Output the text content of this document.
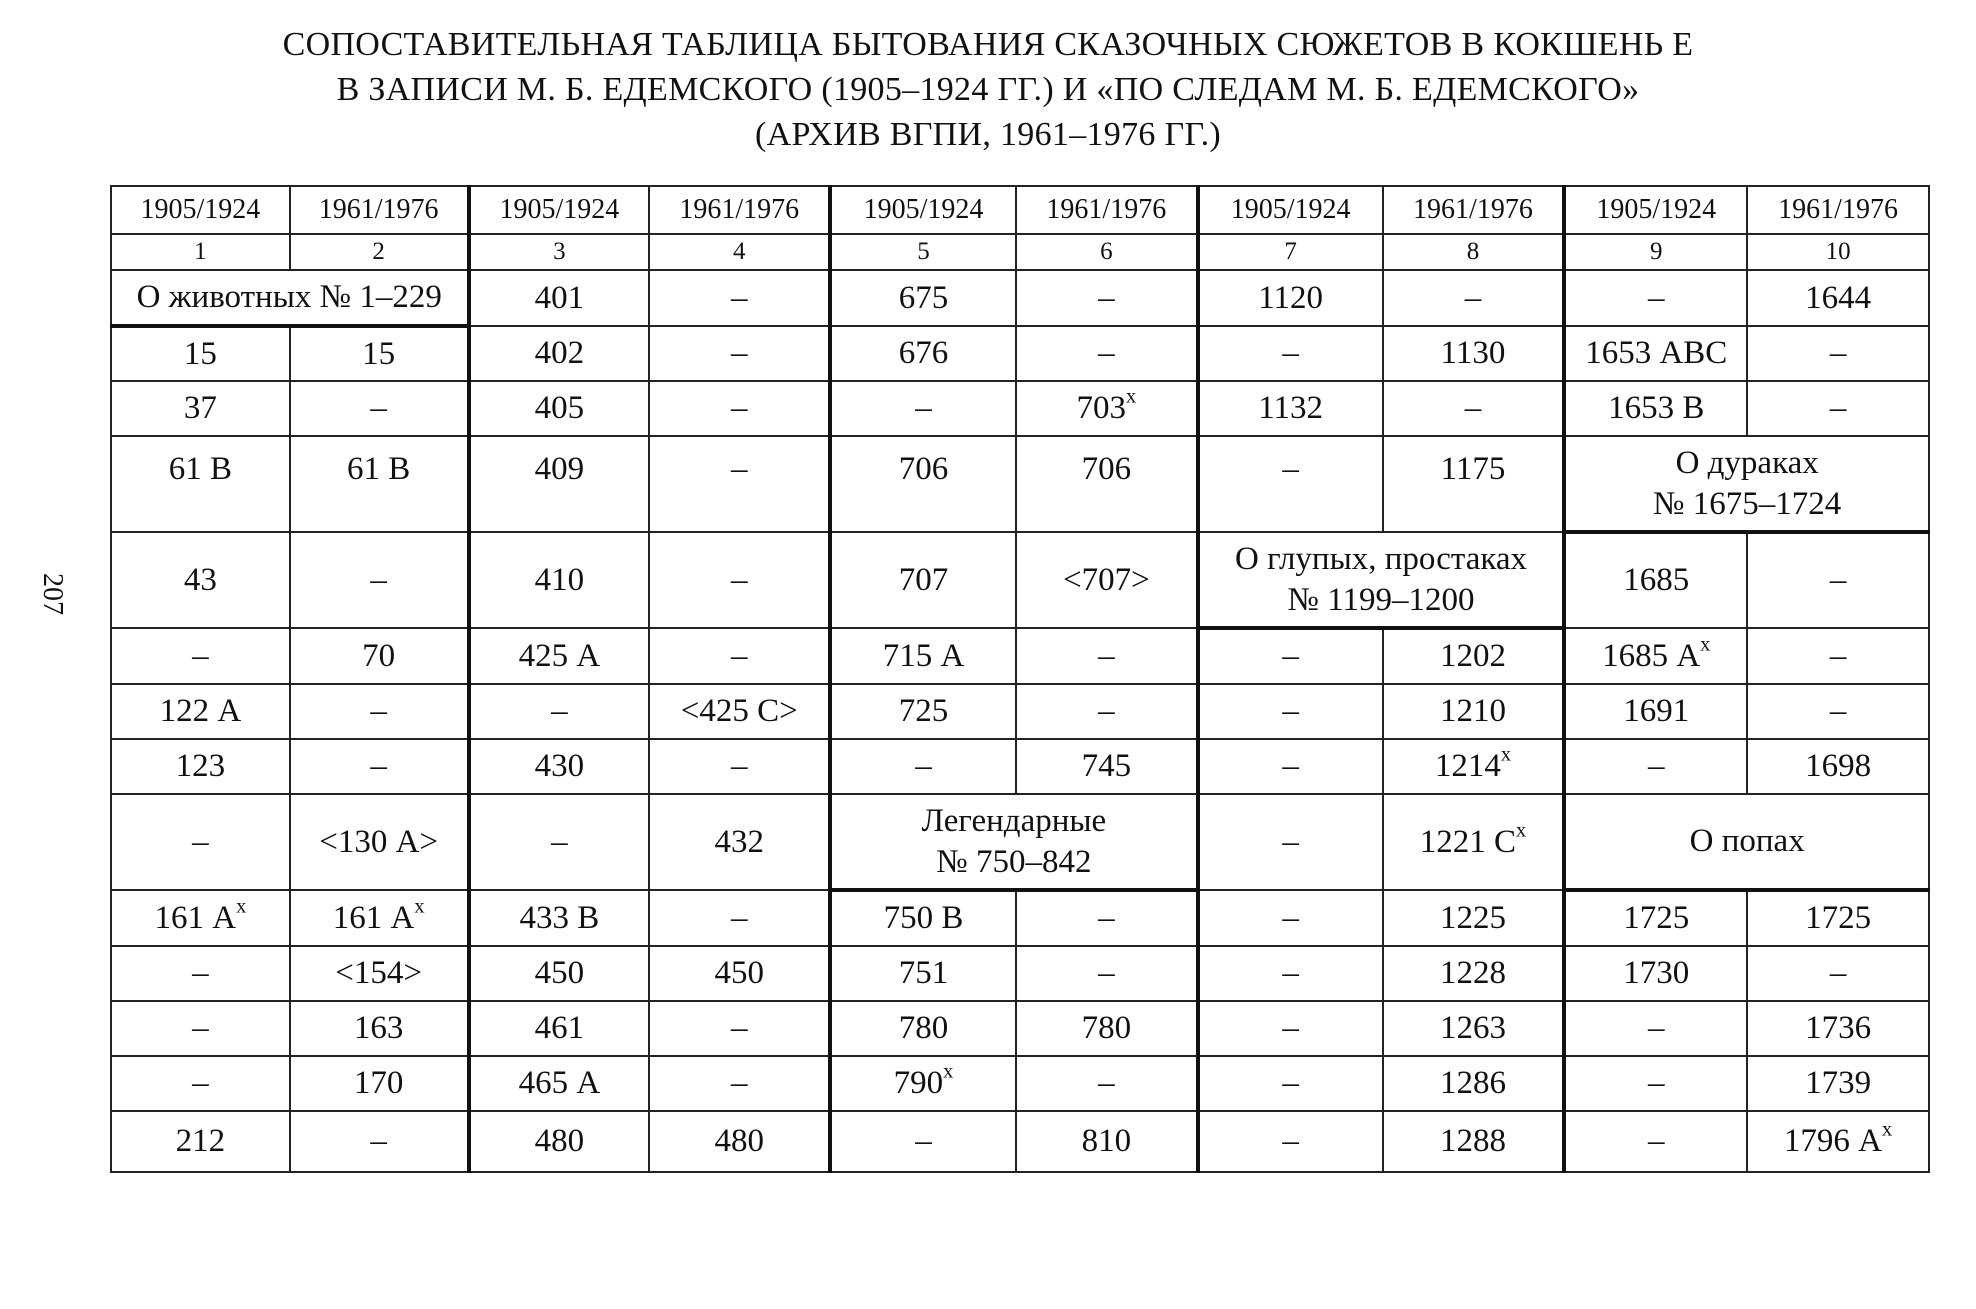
СОПОСТАВИТЕЛЬНАЯ ТАБЛИЦА БЫТОВАНИЯ СКАЗОЧНЫХ СЮЖЕТОВ В КОКШЕНЬ Е
В ЗАПИСИ М. Б. ЕДЕМСКОГО (1905–1924 ГГ.) И «ПО СЛЕДАМ М. Б. ЕДЕМСКОГО»
(АРХИВ ВГПИ, 1961–1976 ГГ.)
207
1905/1924	1961/1976	1905/1924	1961/1976	1905/1924	1961/1976	1905/1924	1961/1976	1905/1924	1961/1976
1	2	3	4	5	6	7	8	9	10
О животных № 1–229		401	–	675	–	1120	–	–	1644
15	15	402	–	676	–	–	1130	1653 АВС	–
37	–	405	–	–	$703^х$	1132	–	1653 В	–
61 В	61 В	409	–	706	706	–	1175	О дураках
№ 1675–1724	

43	–	410	–	707	<707>	О глупых, простаках
№ 1199–1200		1685	–
–	70	425 А	–	715 А	–	–	1202	1685 $А^х$	–
122 А	–	–	<425 С>	725	–	–	1210	1691	–
123	–	430	–	–	745	–	$1214^х$	–	1698
–	<130 А>	–	432	Легендарные
№ 750–842		–	1221 $С^х$	О попах	
161 $А^х$	161 $А^х$	433 В	–	750 В	–	–	1225	1725	1725
–	<154>	450	450	751	–	–	1228	1730	–
–	163	461	–	780	780	–	1263	–	1736
–	170	465 А	–	$790^х$	–	–	1286	–	1739
212	–	480	480	–	810	–	1288	–	1796 $А^х$
